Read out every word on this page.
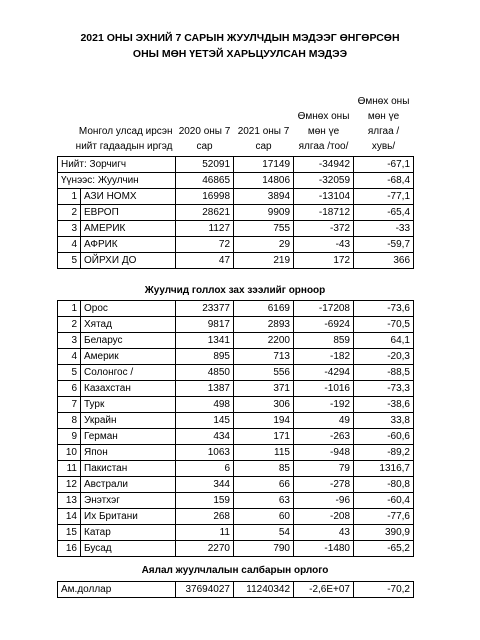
2021 ОНЫ ЭХНИЙ 7 САРЫН ЖУУЛЧДЫН МЭДЭЭГ ӨНГӨРСӨН
ОНЫ МӨН ҮЕТЭЙ ХАРЬЦУУЛСАН МЭДЭЭ
Монгол улсад ирсэн нийт гадаадын иргэд		2020 оны 7 сар	2021 оны 7 сар	Өмнөх оны мөн үе ялгаа /тоо/	Өмнөх оны мөн үе ялгаа /хувь/
Нийт: Зорчигч		52091	17149	-34942	-67,1
Үүнээс: Жуулчин		46865	14806	-32059	-68,4
1	АЗИ НОМХ	16998	3894	-13104	-77,1
2	ЕВРОП	28621	9909	-18712	-65,4
3	АМЕРИК	1127	755	-372	-33
4	АФРИК	72	29	-43	-59,7
5	ОЙРХИ ДО	47	219	172	366
Жуулчид голлох зах зээлийг орноор
1	Орос	23377	6169	-17208	-73,6
2	Хятад	9817	2893	-6924	-70,5
3	Беларус	1341	2200	859	64,1
4	Америк	895	713	-182	-20,3
5	Солонгос /	4850	556	-4294	-88,5
6	Казахстан	1387	371	-1016	-73,3
7	Турк	498	306	-192	-38,6
8	Украйн	145	194	49	33,8
9	Герман	434	171	-263	-60,6
10	Япон	1063	115	-948	-89,2
11	Пакистан	6	85	79	1316,7
12	Австрали	344	66	-278	-80,8
13	Энэтхэг	159	63	-96	-60,4
14	Их Британи	268	60	-208	-77,6
15	Катар	11	54	43	390,9
16	Бусад	2270	790	-1480	-65,2
Аялал жуулчлалын салбарын орлого
Ам.доллар	37694027	11240342	-2,6E+07	-70,2
